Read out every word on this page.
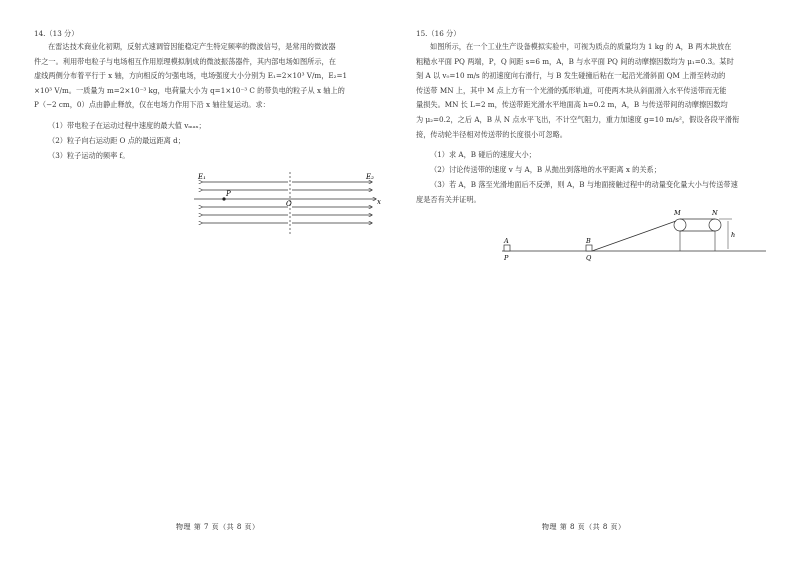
14.（13 分）
在雷达技术商业化初期，反射式速调管因能稳定产生特定频率的微波信号，是常用的微波器
件之一。利用带电粒子与电场相互作用原理模拟制成的微波振荡器件，其内部电场如图所示，在
虚线两侧分布着平行于 x 轴，方向相反的匀强电场，电场强度大小分别为 E₁=2×10³ V/m，E₂=1
×10³ V/m。一质量为 m=2×10⁻³ kg，电荷量大小为 q=1×10⁻³ C 的带负电的粒子从 x 轴上的
P（−2 cm，0）点由静止释放，仅在电场力作用下沿 x 轴往复运动。求：
（1）带电粒子在运动过程中速度的最大值 vₘₐₓ；
（2）粒子向右运动距 O 点的最远距离 d；
（3）粒子运动的频率 f。
E₁	E₂
P
O	x
物理 第 7 页（共 8 页）
15.（16 分）
如图所示，在一个工业生产设备模拟实验中，可视为质点的质量均为 1 kg 的 A，B 两木块放在
粗糙水平面 PQ 两端，P，Q 间距 s=6 m，A，B 与水平面 PQ 间的动摩擦因数均为 μ₁=0.3。某时
刻 A 以 v₀=10 m/s 的初速度向右滑行，与 B 发生碰撞后粘在一起沿光滑斜面 QM 上滑至转动的
传送带 MN 上，其中 M 点上方有一个光滑的弧形轨道，可使两木块从斜面滑入水平传送带而无能
量损失。MN 长 L=2 m，传送带距光滑水平地面高 h=0.2 m，A，B 与传送带间的动摩擦因数均
为 μ₂=0.2，之后 A，B 从 N 点水平飞出，不计空气阻力，重力加速度 g=10 m/s²，假设各段平滑衔
接，传动轮半径相对传送带的长度很小可忽略。
（1）求 A，B 碰后的速度大小；
（2）讨论传送带的速度 v 与 A，B 从抛出到落地的水平距离 x 的关系；
（3）若 A，B 落至光滑地面后不反弹，则 A，B 与地面接触过程中的动量变化量大小与传送带速
度是否有关并证明。
A	B
P	Q
M	N
h
物理 第 8 页（共 8 页）
